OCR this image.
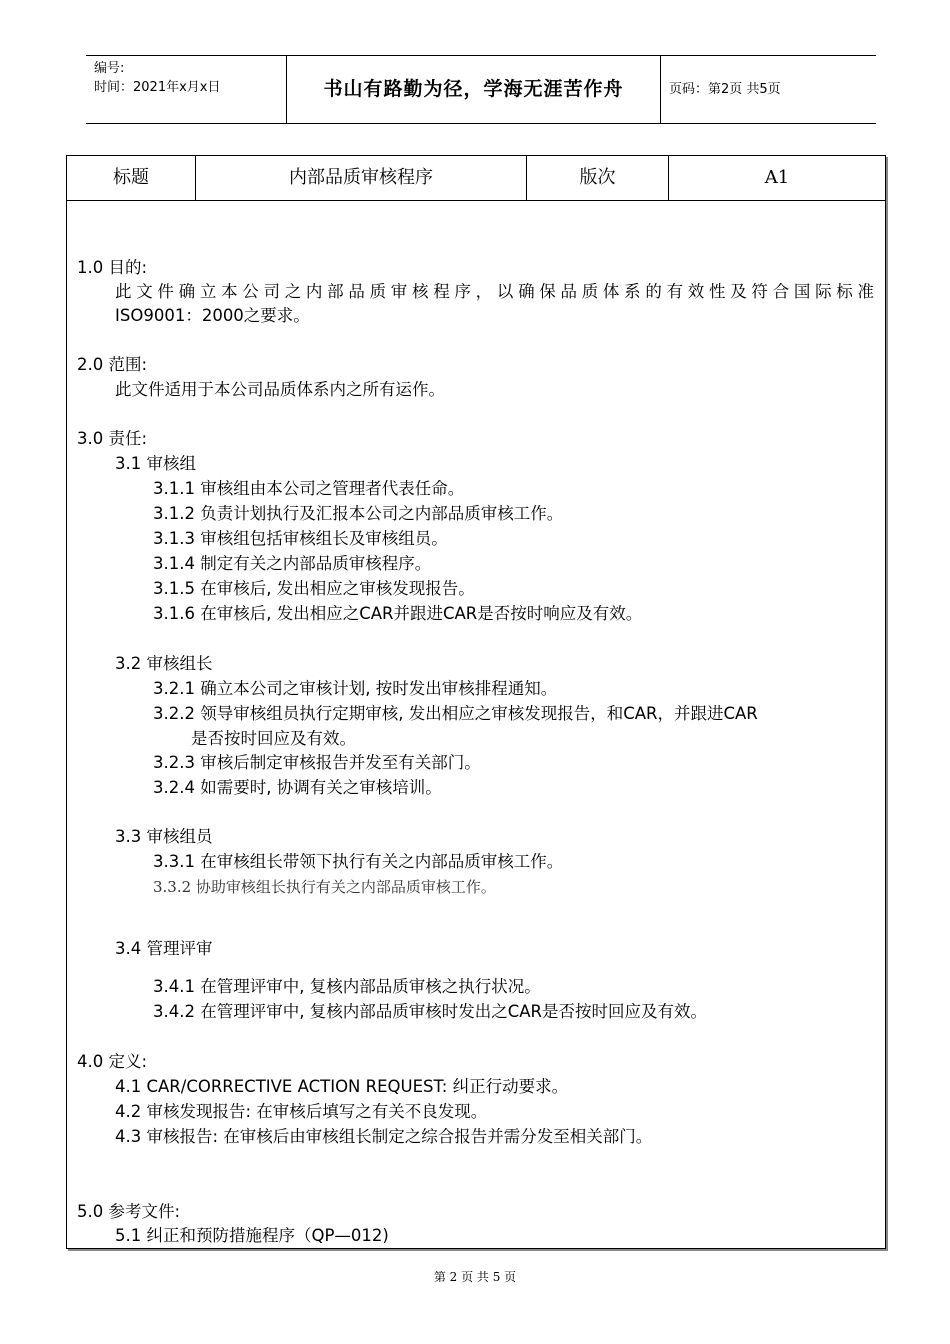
编号:
时间：2021年x月x日	书山有路勤为径，学海无涯苦作舟	页码：第2页 共5页
标题	内部品质审核程序	版次	A1
1.0 目的:
此文件确立本公司之内部品质审核程序，以确保品质体系的有效性及符合国际标准
ISO9001：2000之要求。
2.0 范围:
此文件适用于本公司品质体系内之所有运作。
3.0 责任:
3.1 审核组
3.1.1 审核组由本公司之管理者代表任命。
3.1.2 负责计划执行及汇报本公司之内部品质审核工作。
3.1.3 审核组包括审核组长及审核组员。
3.1.4 制定有关之内部品质审核程序。
3.1.5 在审核后, 发出相应之审核发现报告。
3.1.6 在审核后, 发出相应之CAR并跟进CAR是否按时响应及有效。
3.2 审核组长
3.2.1 确立本公司之审核计划, 按时发出审核排程通知。
3.2.2 领导审核组员执行定期审核, 发出相应之审核发现报告，和CAR，并跟进CAR
是否按时回应及有效。
3.2.3 审核后制定审核报告并发至有关部门。
3.2.4 如需要时, 协调有关之审核培训。
3.3 审核组员
3.3.1 在审核组长带领下执行有关之内部品质审核工作。
3.3.2 协助审核组长执行有关之内部品质审核工作。
3.4 管理评审
3.4.1 在管理评审中, 复核内部品质审核之执行状况。
3.4.2 在管理评审中, 复核内部品质审核时发出之CAR是否按时回应及有效。
4.0 定义:
4.1 CAR/CORRECTIVE ACTION REQUEST: 纠正行动要求。
4.2 审核发现报告: 在审核后填写之有关不良发现。
4.3 审核报告: 在审核后由审核组长制定之综合报告并需分发至相关部门。
5.0 参考文件:
5.1 纠正和预防措施程序（QP—012)
第 2 页 共 5 页
